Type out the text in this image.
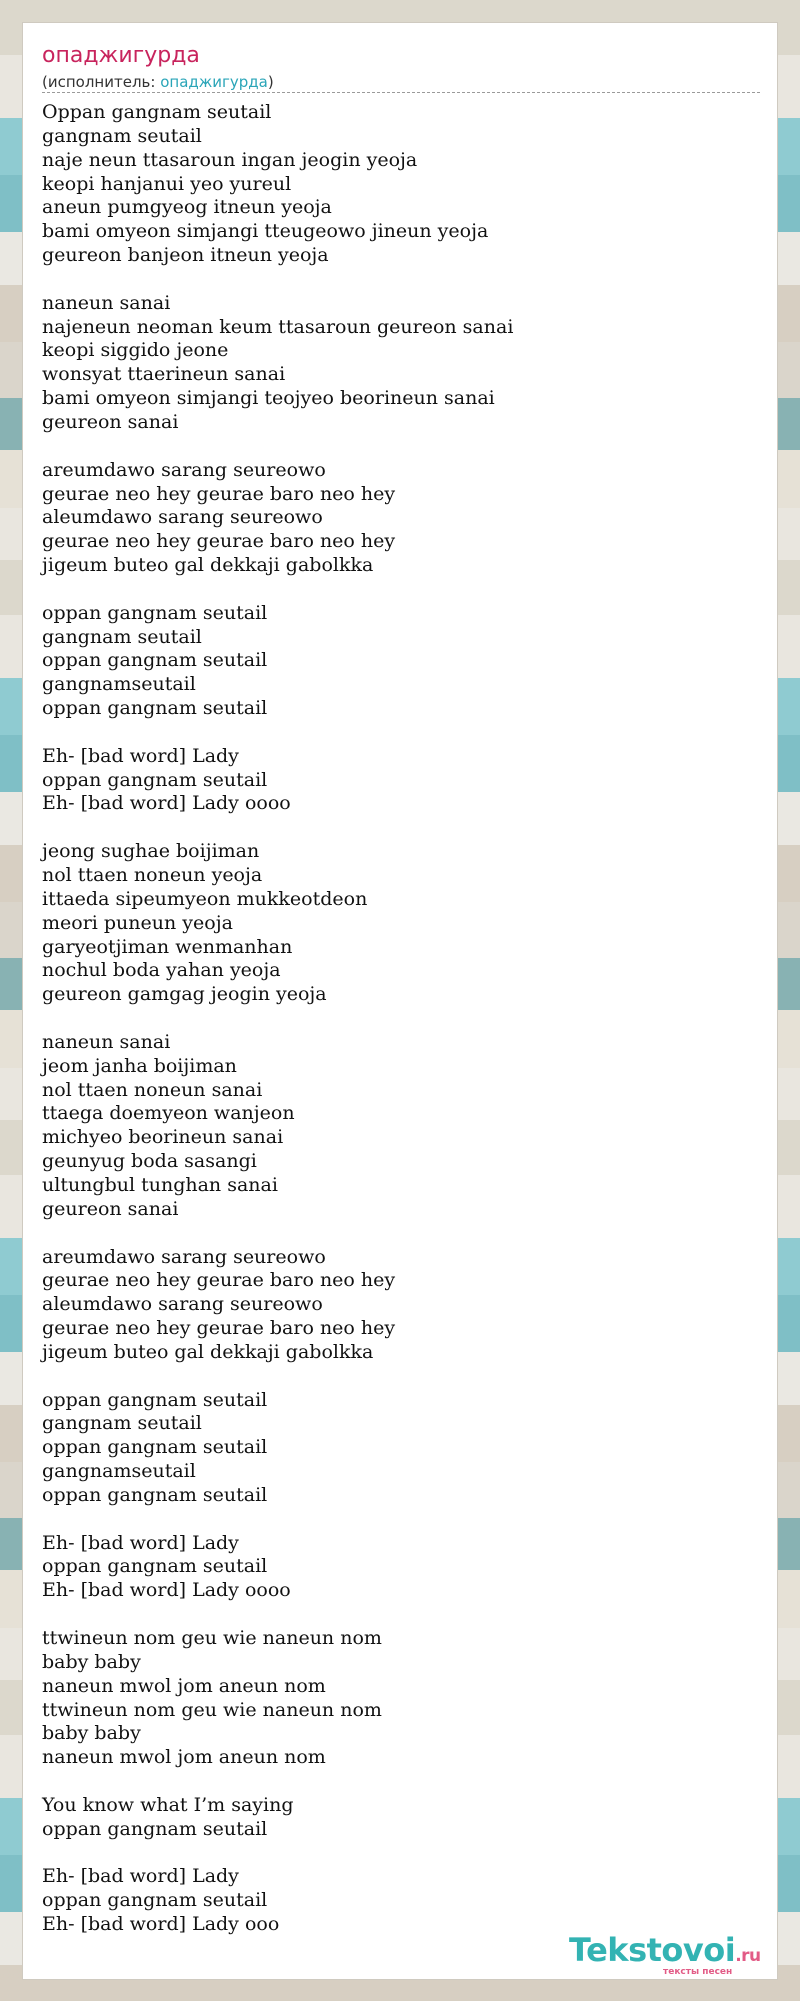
опаджигурда
(исполнитель: опаджигурда)
Oppan gangnam seutail
gangnam seutail
naje neun ttasaroun ingan jeogin yeoja
keopi hanjanui yeo yureul
aneun pumgyeog itneun yeoja
bami omyeon simjangi tteugeowo jineun yeoja
geureon banjeon itneun yeoja

naneun sanai
najeneun neoman keum ttasaroun geureon sanai
keopi siggido jeone
wonsyat ttaerineun sanai
bami omyeon simjangi teojyeo beorineun sanai
geureon sanai

areumdawo sarang seureowo
geurae neo hey geurae baro neo hey
aleumdawo sarang seureowo
geurae neo hey geurae baro neo hey
jigeum buteo gal dekkaji gabolkka

oppan gangnam seutail
gangnam seutail
oppan gangnam seutail
gangnamseutail
oppan gangnam seutail

Eh- [bad word] Lady
oppan gangnam seutail
Eh- [bad word] Lady oooo

jeong sughae boijiman
nol ttaen noneun yeoja
ittaeda sipeumyeon mukkeotdeon
meori puneun yeoja
garyeotjiman wenmanhan
nochul boda yahan yeoja
geureon gamgag jeogin yeoja

naneun sanai
jeom janha boijiman
nol ttaen noneun sanai
ttaega doemyeon wanjeon
michyeo beorineun sanai
geunyug boda sasangi
ultungbul tunghan sanai
geureon sanai

areumdawo sarang seureowo
geurae neo hey geurae baro neo hey
aleumdawo sarang seureowo
geurae neo hey geurae baro neo hey
jigeum buteo gal dekkaji gabolkka

oppan gangnam seutail
gangnam seutail
oppan gangnam seutail
gangnamseutail
oppan gangnam seutail

Eh- [bad word] Lady
oppan gangnam seutail
Eh- [bad word] Lady oooo

ttwineun nom geu wie naneun nom
baby baby
naneun mwol jom aneun nom
ttwineun nom geu wie naneun nom
baby baby
naneun mwol jom aneun nom

You know what I’m saying
oppan gangnam seutail

Eh- [bad word] Lady
oppan gangnam seutail
Eh- [bad word] Lady ooo
Tekstovoi.ru
тексты песен
